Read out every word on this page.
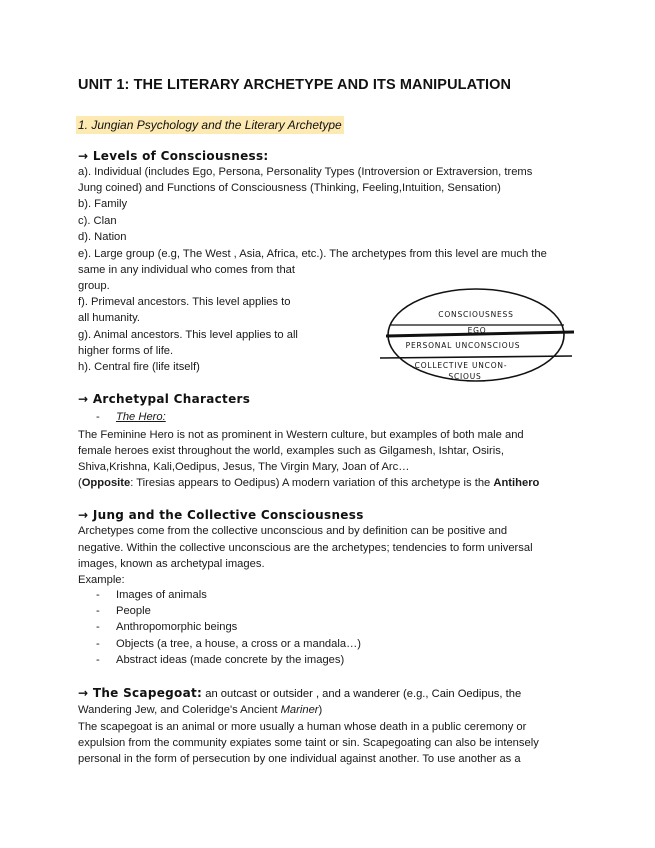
UNIT 1: THE LITERARY ARCHETYPE AND ITS MANIPULATION
1. Jungian Psychology and the Literary Archetype
→ Levels of Consciousness:
a). Individual (includes Ego, Persona, Personality Types (Introversion or Extraversion, trems
Jung coined) and Functions of Consciousness (Thinking, Feeling,Intuition, Sensation)
b). Family
c). Clan
d). Nation
e). Large group (e.g, The West , Asia, Africa, etc.). The archetypes from this level are much the
same in any individual who comes from that
group.
f). Primeval ancestors. This level applies to
all humanity.
g). Animal ancestors. This level applies to all
higher forms of life.
h). Central fire (life itself)
CONSCIOUSNESS
EGO
PERSONAL UNCONSCIOUS
COLLECTIVE UNCON-
SCIOUS
→ Archetypal Characters
- The Hero:
The Feminine Hero is not as prominent in Western culture, but examples of both male and
female heroes exist throughout the world, examples such as Gilgamesh, Ishtar, Osiris,
Shiva,Krishna, Kali,Oedipus, Jesus, The Virgin Mary, Joan of Arc…
(Opposite: Tiresias appears to Oedipus) A modern variation of this archetype is the Antihero
→ Jung and the Collective Consciousness
Archetypes come from the collective unconscious and by definition can be positive and
negative. Within the collective unconscious are the archetypes; tendencies to form universal
images, known as archetypal images.
Example:
- Images of animals
- People
- Anthropomorphic beings
- Objects (a tree, a house, a cross or a mandala…)
- Abstract ideas (made concrete by the images)
→ The Scapegoat: an outcast or outsider , and a wanderer (e.g., Cain Oedipus, the
Wandering Jew, and Coleridge's Ancient Mariner)
The scapegoat is an animal or more usually a human whose death in a public ceremony or
expulsion from the community expiates some taint or sin. Scapegoating can also be intensely
personal in the form of persecution by one individual against another. To use another as a
